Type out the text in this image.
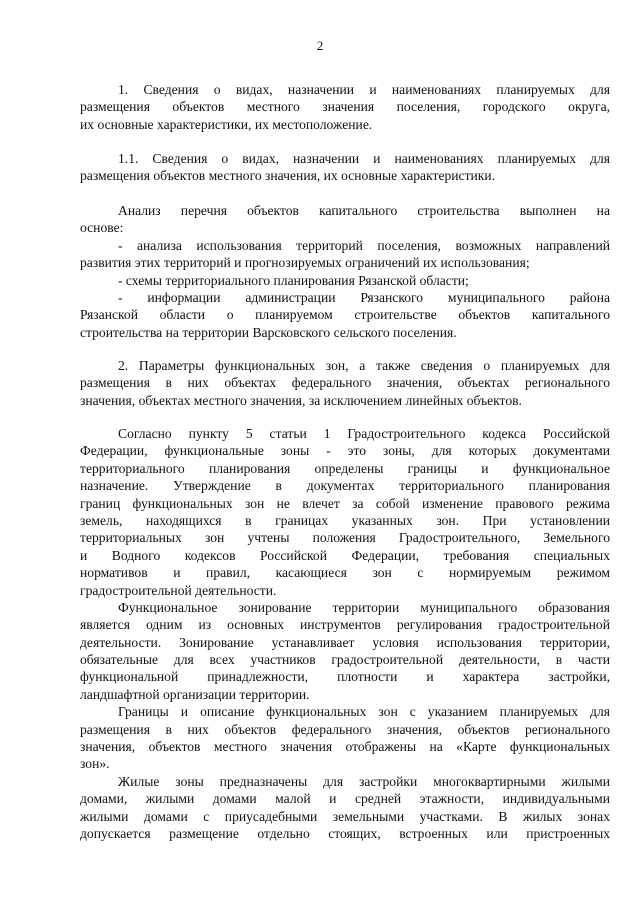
2
1. Сведения о видах, назначении и наименованиях планируемых для
размещения объектов местного значения поселения, городского округа,
их основные характеристики, их местоположение.
1.1. Сведения о видах, назначении и наименованиях планируемых для
размещения объектов местного значения, их основные характеристики.
Анализ перечня объектов капитального строительства выполнен на
основе:
- анализа использования территорий поселения, возможных направлений
развития этих территорий и прогнозируемых ограничений их использования;
- схемы территориального планирования Рязанской области;
- информации администрации Рязанского муниципального района
Рязанской области о планируемом строительстве объектов капитального
строительства на территории Варсковского сельского поселения.
2. Параметры функциональных зон, а также сведения о планируемых для
размещения в них объектах федерального значения, объектах регионального
значения, объектах местного значения, за исключением линейных объектов.
Согласно пункту 5 статьи 1 Градостроительного кодекса Российской
Федерации, функциональные зоны - это зоны, для которых документами
территориального планирования определены границы и функциональное
назначение. Утверждение в документах территориального планирования
границ функциональных зон не влечет за собой изменение правового режима
земель, находящихся в границах указанных зон. При установлении
территориальных зон учтены положения Градостроительного, Земельного
и Водного кодексов Российской Федерации, требования специальных
нормативов и правил, касающиеся зон с нормируемым режимом
градостроительной деятельности.
Функциональное зонирование территории муниципального образования
является одним из основных инструментов регулирования градостроительной
деятельности. Зонирование устанавливает условия использования территории,
обязательные для всех участников градостроительной деятельности, в части
функциональной принадлежности, плотности и характера застройки,
ландшафтной организации территории.
Границы и описание функциональных зон с указанием планируемых для
размещения в них объектов федерального значения, объектов регионального
значения, объектов местного значения отображены на «Карте функциональных
зон».
Жилые зоны предназначены для застройки многоквартирными жилыми
домами, жилыми домами малой и средней этажности, индивидуальными
жилыми домами с приусадебными земельными участками. В жилых зонах
допускается размещение отдельно стоящих, встроенных или пристроенных
